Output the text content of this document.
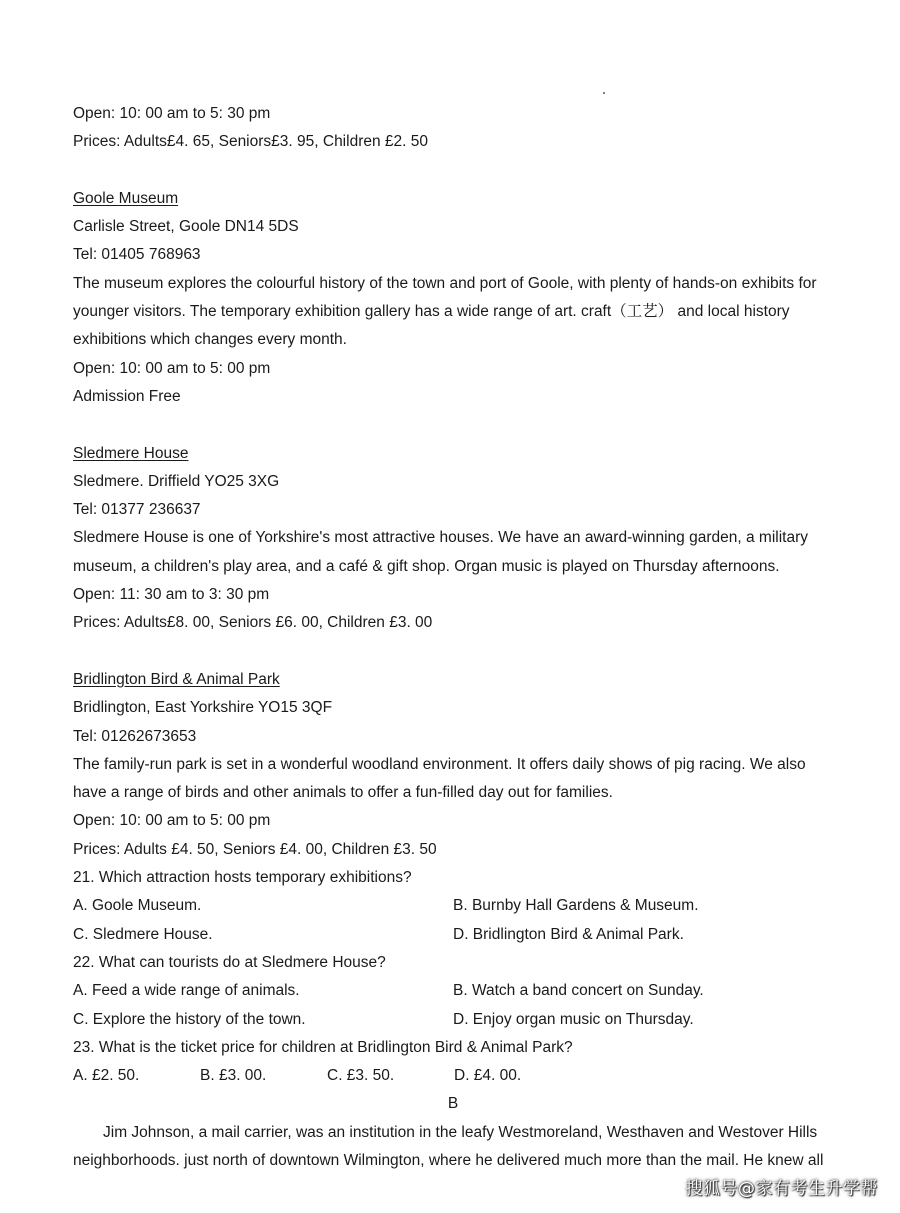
Open: 10: 00 am to 5: 30 pm
Prices: Adults£4. 65, Seniors£3. 95, Children £2. 50
Goole Museum
Carlisle Street, Goole DN14 5DS
Tel: 01405 768963
The museum explores the colourful history of the town and port of Goole, with plenty of hands-on exhibits for
younger visitors. The temporary exhibition gallery has a wide range of art. craft（工艺） and local history
exhibitions which changes every month.
Open: 10: 00 am to 5: 00 pm
Admission Free
Sledmere House
Sledmere. Driffield YO25 3XG
Tel: 01377 236637
Sledmere House is one of Yorkshire's most attractive houses. We have an award-winning garden, a military
museum, a children's play area, and a café & gift shop. Organ music is played on Thursday afternoons.
Open: 11: 30 am to 3: 30 pm
Prices: Adults£8. 00, Seniors £6. 00, Children £3. 00
Bridlington Bird & Animal Park
Bridlington, East Yorkshire YO15 3QF
Tel: 01262673653
The family-run park is set in a wonderful woodland environment. It offers daily shows of pig racing. We also
have a range of birds and other animals to offer a fun-filled day out for families.
Open: 10: 00 am to 5: 00 pm
Prices: Adults £4. 50, Seniors £4. 00, Children £3. 50
21. Which attraction hosts temporary exhibitions?
A. Goole Museum.	B. Burnby Hall Gardens & Museum.
C. Sledmere House.	D. Bridlington Bird & Animal Park.
22. What can tourists do at Sledmere House?
A. Feed a wide range of animals.	B. Watch a band concert on Sunday.
C. Explore the history of the town.	D. Enjoy organ music on Thursday.
23. What is the ticket price for children at Bridlington Bird & Animal Park?
A. £2. 50.	B. £3. 00.	C. £3. 50.	D. £4. 00.
B
Jim Johnson, a mail carrier, was an institution in the leafy Westmoreland, Westhaven and Westover Hills
neighborhoods. just north of downtown Wilmington, where he delivered much more than the mail. He knew all
搜狐号@家有考生升学帮
